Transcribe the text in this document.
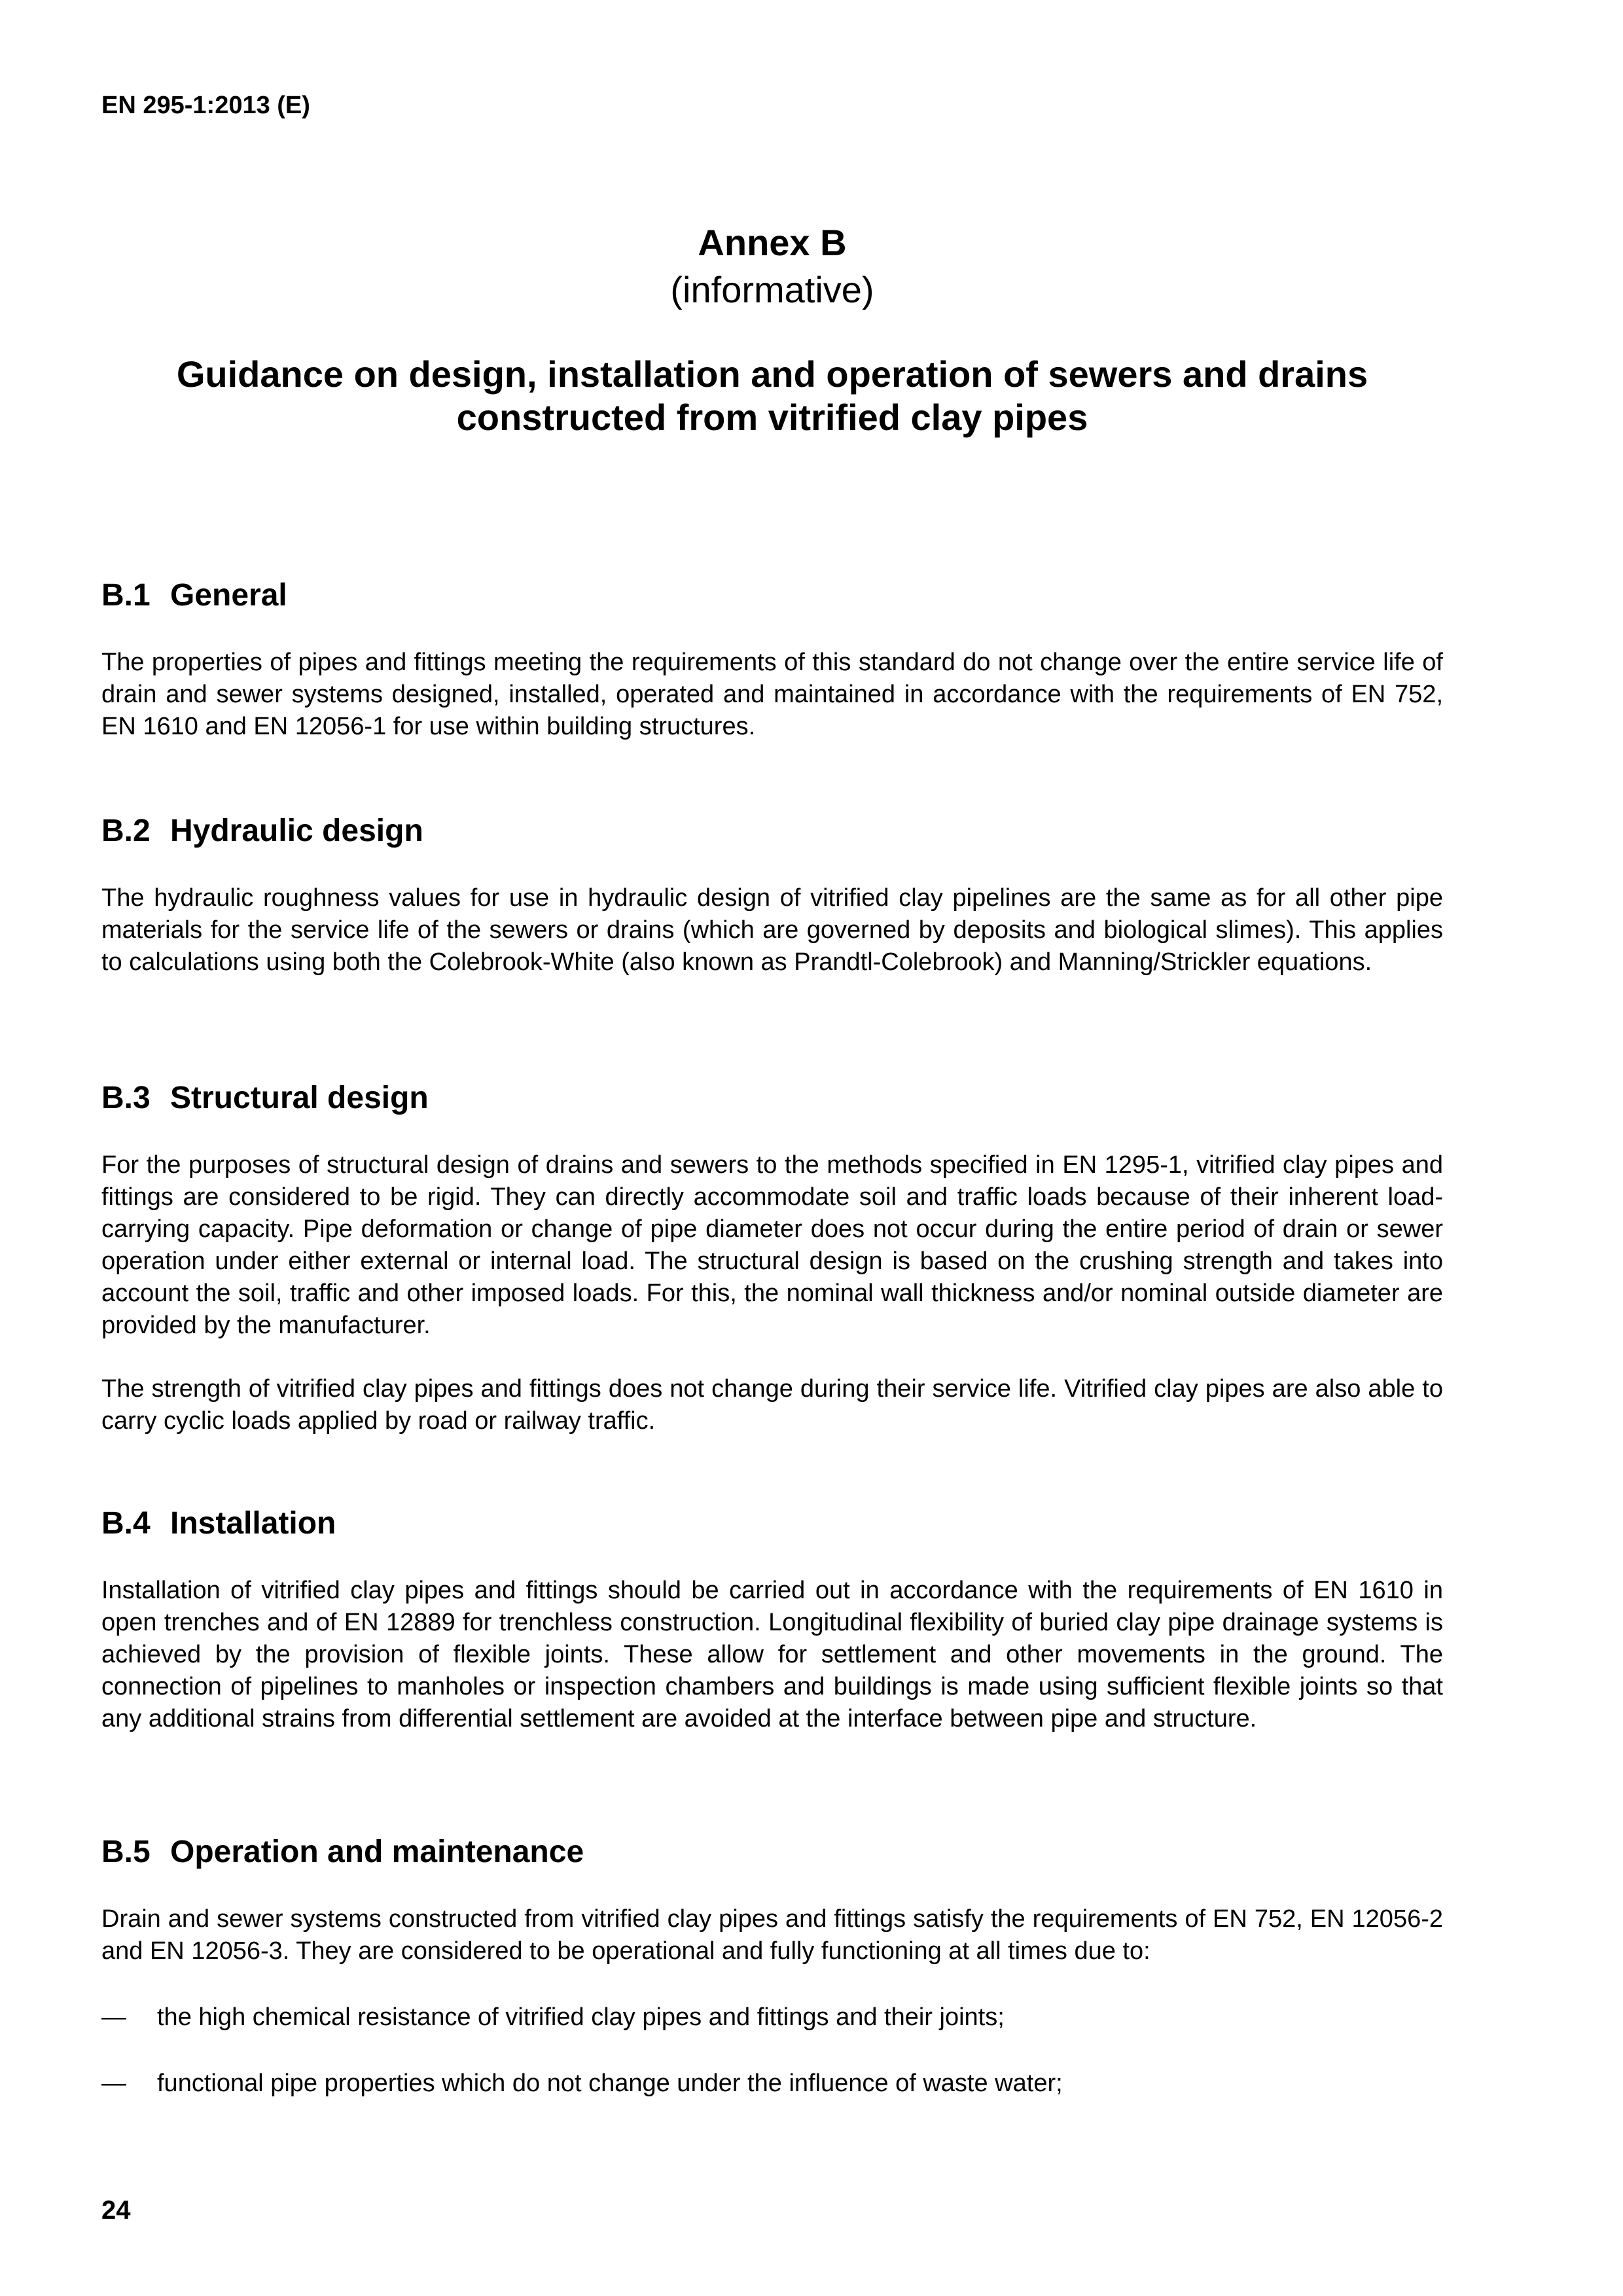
EN 295-1:2013 (E)
Annex B
(informative)
Guidance on design, installation and operation of sewers and drains
constructed from vitrified clay pipes
B.1 General

The properties of pipes and fittings meeting the requirements of this standard do not change over the entire service life of drain and sewer systems designed, installed, operated and maintained in accordance with the requirements of EN 752, EN 1610 and EN 12056-1 for use within building structures.

B.2 Hydraulic design

The hydraulic roughness values for use in hydraulic design of vitrified clay pipelines are the same as for all other pipe materials for the service life of the sewers or drains (which are governed by deposits and biological slimes). This applies to calculations using both the Colebrook-White (also known as Prandtl-Colebrook) and Manning/Strickler equations.

B.3 Structural design

For the purposes of structural design of drains and sewers to the methods specified in EN 1295-1, vitrified clay pipes and fittings are considered to be rigid. They can directly accommodate soil and traffic loads because of their inherent load-carrying capacity. Pipe deformation or change of pipe diameter does not occur during the entire period of drain or sewer operation under either external or internal load. The structural design is based on the crushing strength and takes into account the soil, traffic and other imposed loads. For this, the nominal wall thickness and/or nominal outside diameter are provided by the manufacturer.

The strength of vitrified clay pipes and fittings does not change during their service life. Vitrified clay pipes are also able to carry cyclic loads applied by road or railway traffic.

B.4 Installation

Installation of vitrified clay pipes and fittings should be carried out in accordance with the requirements of EN 1610 in open trenches and of EN 12889 for trenchless construction. Longitudinal flexibility of buried clay pipe drainage systems is achieved by the provision of flexible joints. These allow for settlement and other movements in the ground. The connection of pipelines to manholes or inspection chambers and buildings is made using sufficient flexible joints so that any additional strains from differential settlement are avoided at the interface between pipe and structure.

B.5 Operation and maintenance

Drain and sewer systems constructed from vitrified clay pipes and fittings satisfy the requirements of EN 752, EN 12056-2 and EN 12056-3. They are considered to be operational and fully functioning at all times due to:

— the high chemical resistance of vitrified clay pipes and fittings and their joints;
— functional pipe properties which do not change under the influence of waste water;
24
